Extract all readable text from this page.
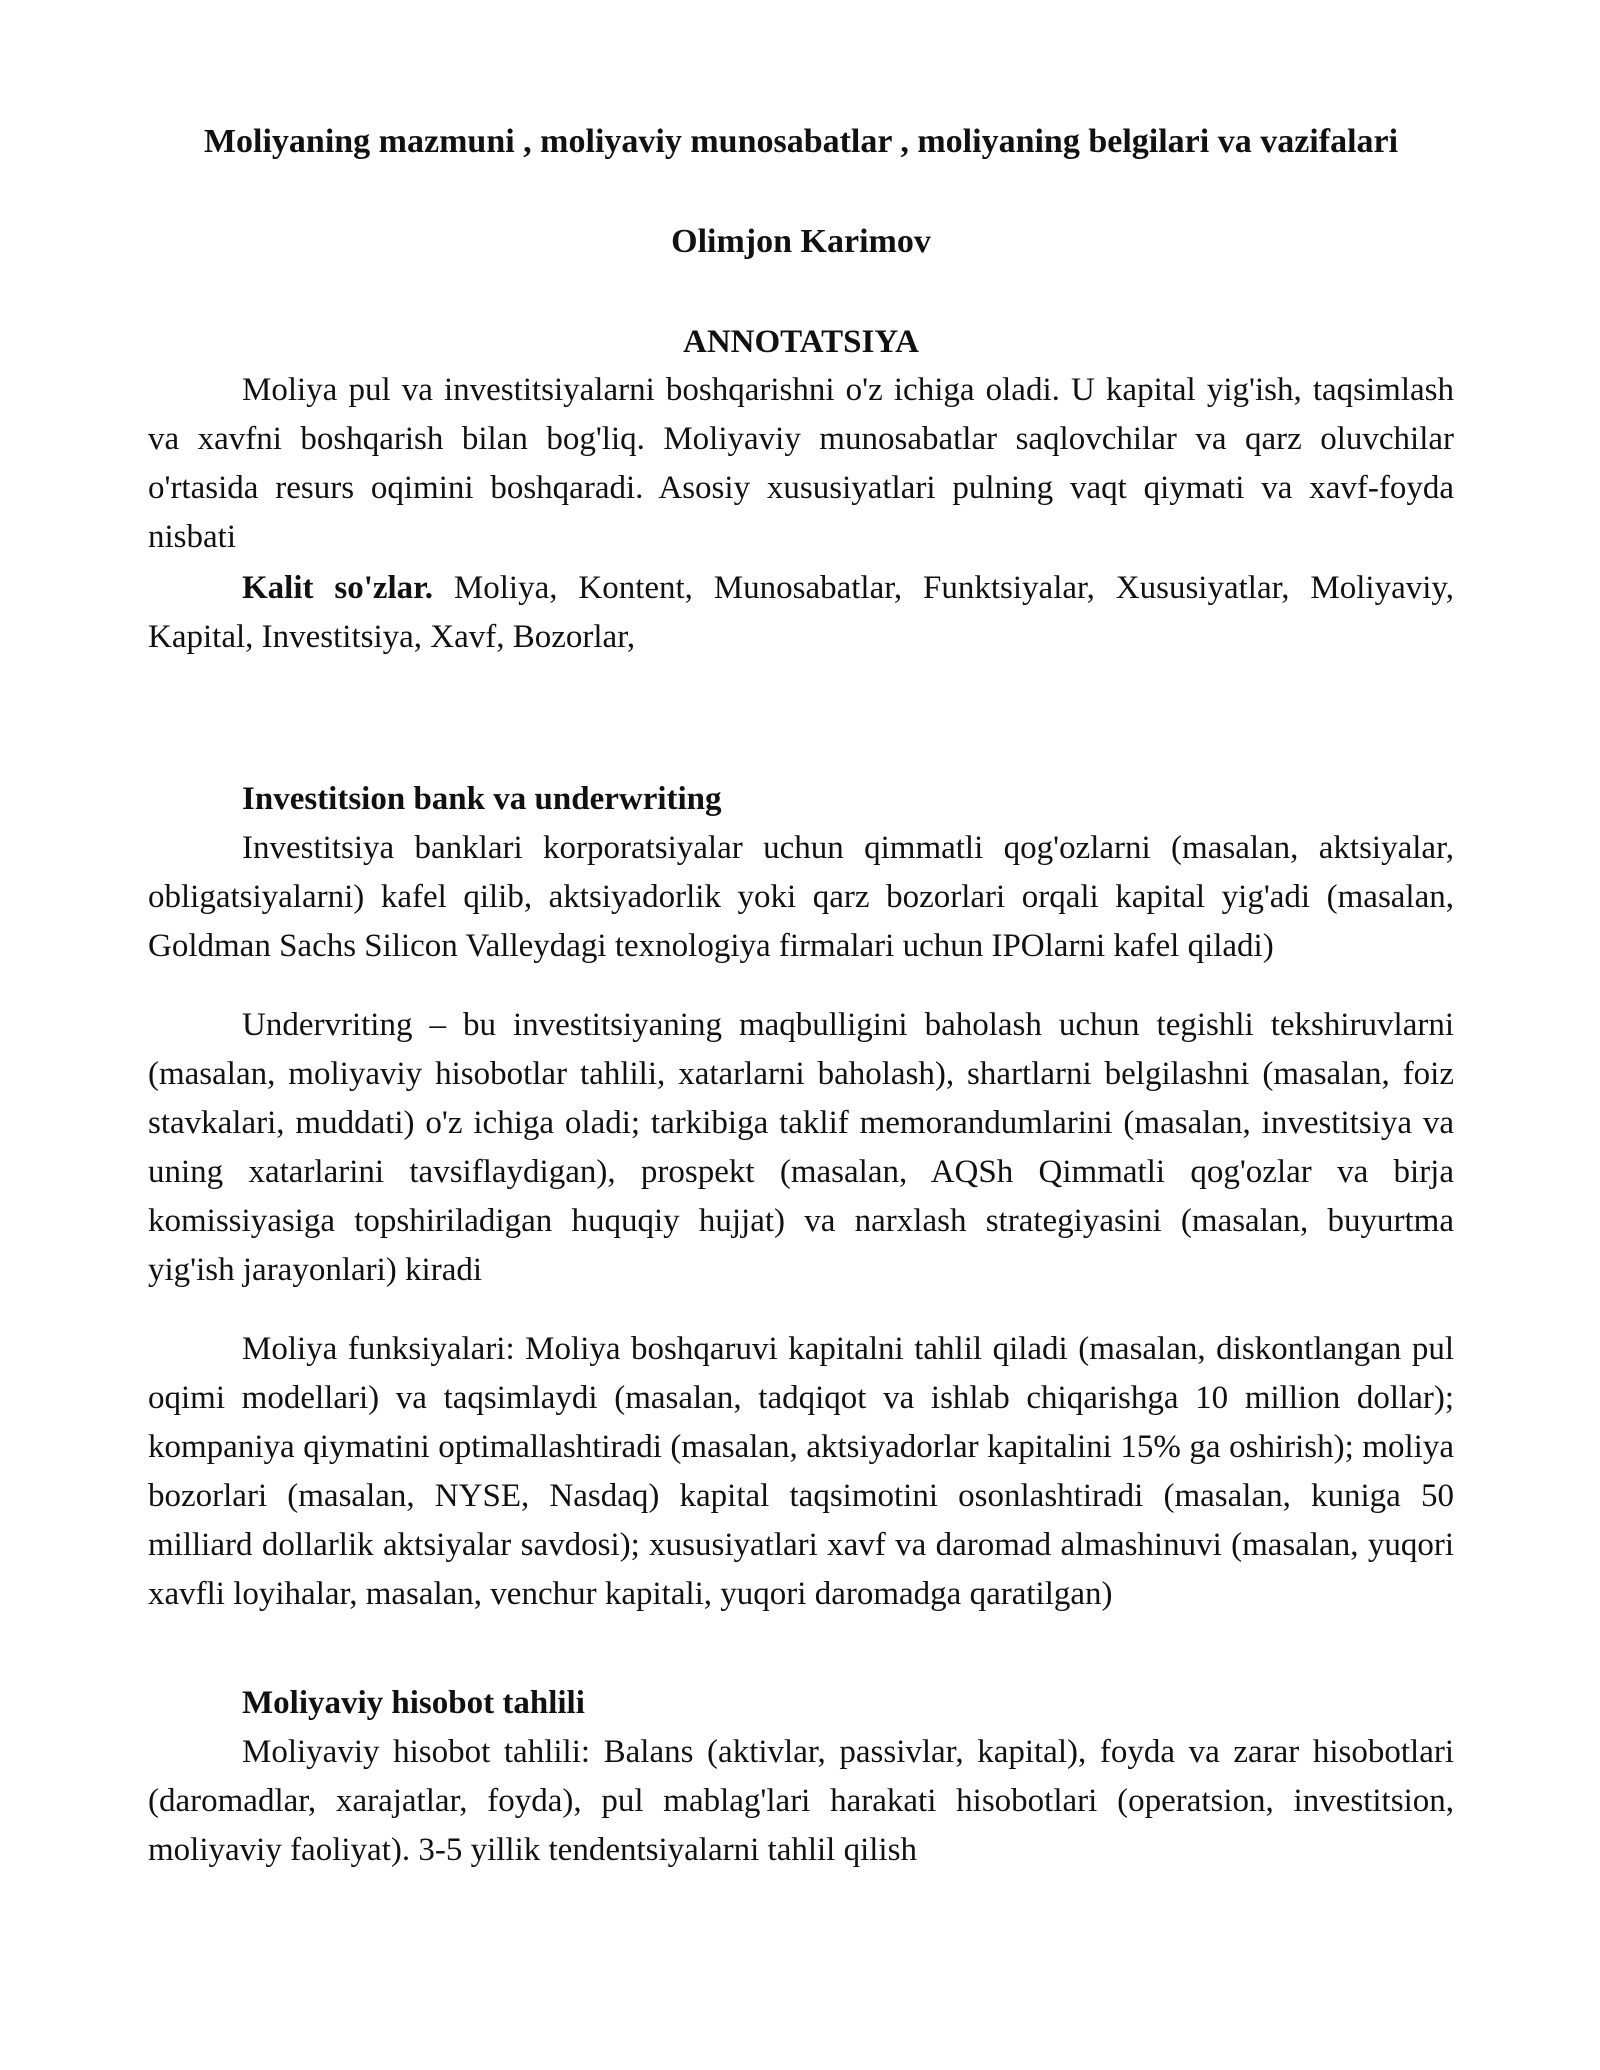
Moliyaning mazmuni , moliyaviy munosabatlar , moliyaning belgilari va vazifalari
Olimjon Karimov
ANNOTATSIYA

Moliya pul va investitsiyalarni boshqarishni o'z ichiga oladi. U kapital yig'ish, taqsimlash va xavfni boshqarish bilan bog'liq. Moliyaviy munosabatlar saqlovchilar va qarz oluvchilar o'rtasida resurs oqimini boshqaradi. Asosiy xususiyatlari pulning vaqt qiymati va xavf-foyda nisbati

Kalit so'zlar. Moliya, Kontent, Munosabatlar, Funktsiyalar, Xususiyatlar, Moliyaviy, Kapital, Investitsiya, Xavf, Bozorlar,

Investitsion bank va underwriting

Investitsiya banklari korporatsiyalar uchun qimmatli qog'ozlarni (masalan, aktsiyalar, obligatsiyalarni) kafel qilib, aktsiyadorlik yoki qarz bozorlari orqali kapital yig'adi (masalan, Goldman Sachs Silicon Valleydagi texnologiya firmalari uchun IPOlarni kafel qiladi)

Undervriting – bu investitsiyaning maqbulligini baholash uchun tegishli tekshiruvlarni (masalan, moliyaviy hisobotlar tahlili, xatarlarni baholash), shartlarni belgilashni (masalan, foiz stavkalari, muddati) o'z ichiga oladi; tarkibiga taklif memorandumlarini (masalan, investitsiya va uning xatarlarini tavsiflaydigan), prospekt (masalan, AQSh Qimmatli qog'ozlar va birja komissiyasiga topshiriladigan huquqiy hujjat) va narxlash strategiyasini (masalan, buyurtma yig'ish jarayonlari) kiradi

Moliya funksiyalari: Moliya boshqaruvi kapitalni tahlil qiladi (masalan, diskontlangan pul oqimi modellari) va taqsimlaydi (masalan, tadqiqot va ishlab chiqarishga 10 million dollar); kompaniya qiymatini optimallashtiradi (masalan, aktsiyadorlar kapitalini 15% ga oshirish); moliya bozorlari (masalan, NYSE, Nasdaq) kapital taqsimotini osonlashtiradi (masalan, kuniga 50 milliard dollarlik aktsiyalar savdosi); xususiyatlari xavf va daromad almashinuvi (masalan, yuqori xavfli loyihalar, masalan, venchur kapitali, yuqori daromadga qaratilgan)

Moliyaviy hisobot tahlili

Moliyaviy hisobot tahlili: Balans (aktivlar, passivlar, kapital), foyda va zarar hisobotlari (daromadlar, xarajatlar, foyda), pul mablag'lari harakati hisobotlari (operatsion, investitsion, moliyaviy faoliyat). 3-5 yillik tendentsiyalarni tahlil qilish
